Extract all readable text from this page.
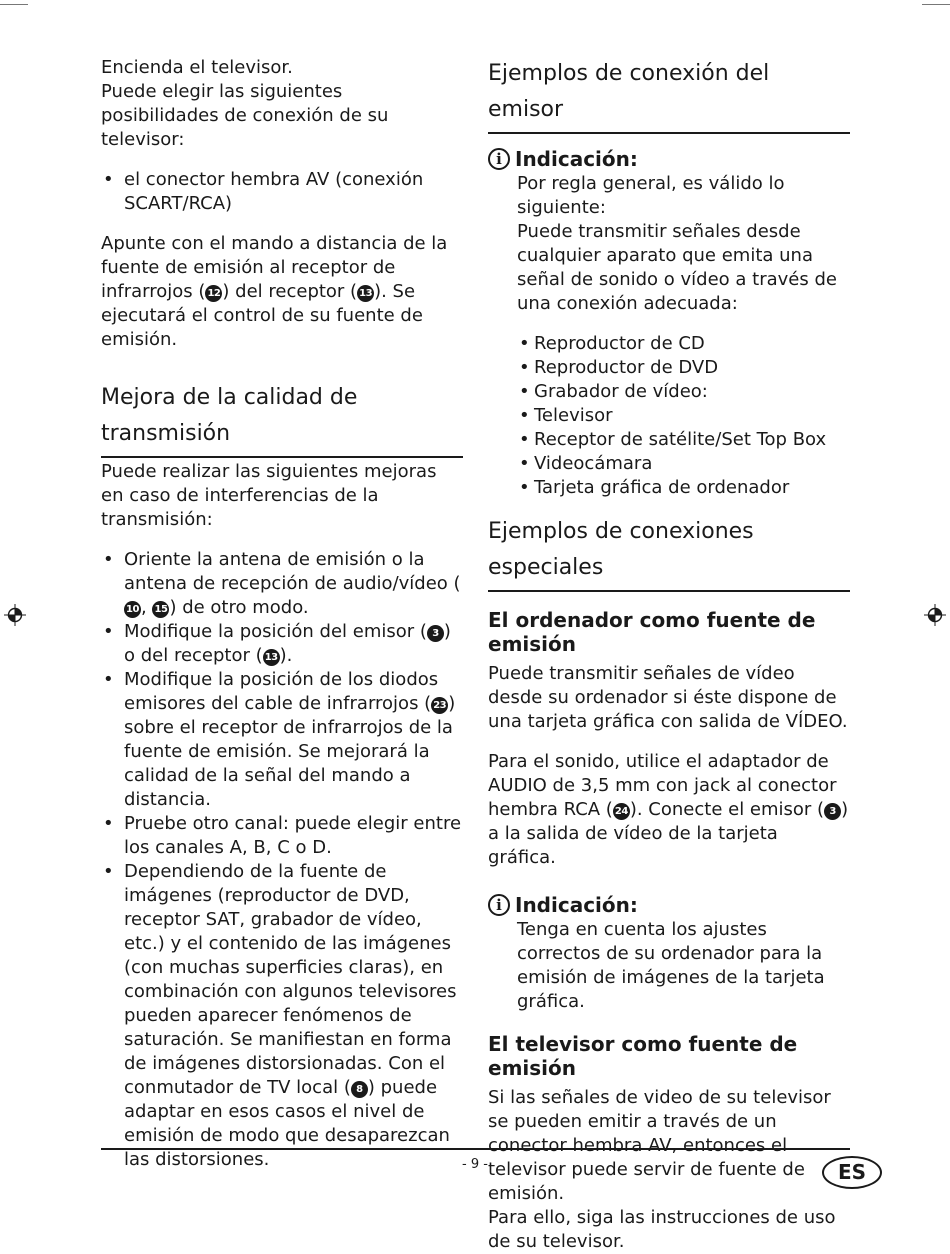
Encienda el televisor.

Puede elegir las siguientes posibilidades de conexión de su televisor:

• el conector hembra AV (conexión SCART/RCA)

Apunte con el mando a distancia de la fuente de emisión al receptor de infrarrojos ( 12 ) del receptor ( 13 ). Se ejecutará el control de su fuente de emisión.

Mejora de la calidad de transmisión

Puede realizar las siguientes mejoras en caso de interferencias de la transmisión:

• Oriente la antena de emisión o la antena de recepción de audio/vídeo (10 , 15 ) de otro modo.
• Modifique la posición del emisor ( 3 ) o del receptor ( 13 ).
• Modifique la posición de los diodos emisores del cable de infrarrojos ( 23 ) sobre el receptor de infrarrojos de la fuente de emisión. Se mejorará la calidad de la señal del mando a distancia.
• Pruebe otro canal: puede elegir entre los canales A, B, C o D.
• Dependiendo de la fuente de imágenes (reproductor de DVD, receptor SAT, grabador de vídeo, etc.) y el contenido de las imágenes (con muchas superficies claras), en combinación con algunos televisores pueden aparecer fenómenos de saturación. Se manifiestan en forma de imágenes distorsionadas. Con el conmutador de TV local ( 8 ) puede adaptar en esos casos el nivel de emisión de modo que desaparezcan las distorsiones.
Ejemplos de conexión del emisor
i Indicación:

Por regla general, es válido lo siguiente:

Puede transmitir señales desde cualquier aparato que emita una señal de sonido o vídeo a través de una conexión adecuada:

• Reproductor de CD
• Reproductor de DVD
• Grabador de vídeo:
• Televisor
• Receptor de satélite/Set Top Box
• Videocámara
• Tarjeta gráfica de ordenador
Ejemplos de conexiones especiales
El ordenador como fuente de emisión

Puede transmitir señales de vídeo desde su ordenador si éste dispone de una tarjeta gráfica con salida de VÍDEO.

Para el sonido, utilice el adaptador de AUDIO de 3,5 mm con jack al conector hembra RCA ( 24 ). Conecte el emisor ( 3 ) a la salida de vídeo de la tarjeta gráfica.

i Indicación:

Tenga en cuenta los ajustes correctos de su ordenador para la emisión de imágenes de la tarjeta gráfica.

El televisor como fuente de emisión

Si las señales de video de su televisor se pueden emitir a través de un conector hembra AV, entonces el televisor puede servir de fuente de emisión.

Para ello, siga las instrucciones de uso de su televisor.

- 9 -	ES
